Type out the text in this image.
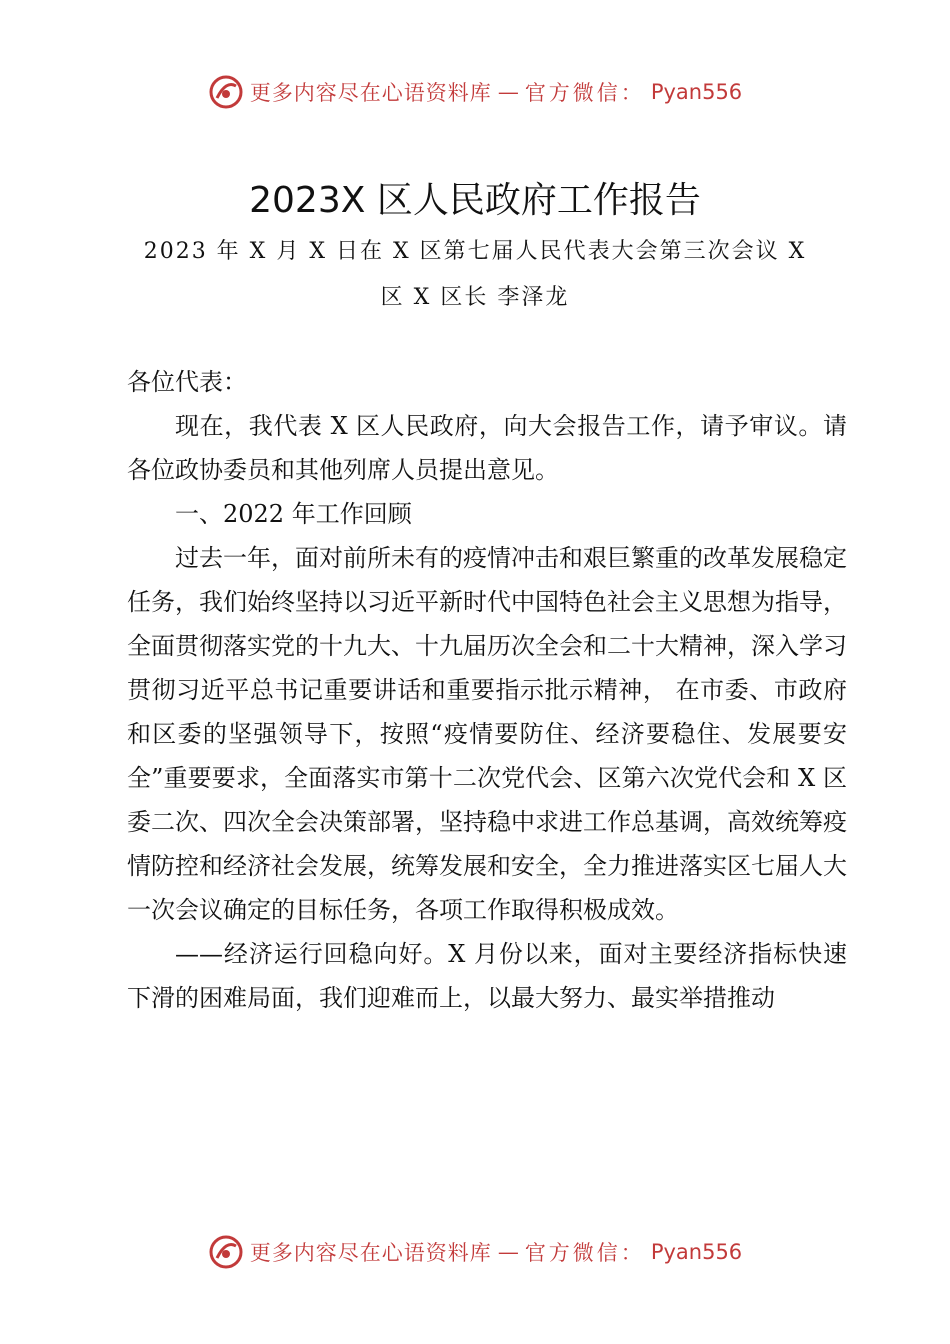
更多内容尽在心语资料库 — 官方微信： Pyan556
2023X 区人民政府工作报告
2023 年 X 月 X 日在 X 区第七届人民代表大会第三次会议 X
区 X 区长 李泽龙

各位代表：

现在，我代表 X 区人民政府，向大会报告工作，请予审议。请各位政协委员和其他列席人员提出意见。

一、2022 年工作回顾

过去一年，面对前所未有的疫情冲击和艰巨繁重的改革发展稳定任务，我们始终坚持以习近平新时代中国特色社会主义思想为指导，全面贯彻落实党的十九大、十九届历次全会和二十大精神，深入学习贯彻习近平总书记重要讲话和重要指示批示精神， 在市委、市政府和区委的坚强领导下，按照“疫情要防住、经济要稳住、发展要安全”重要要求，全面落实市第十二次党代会、区第六次党代会和 X 区委二次、四次全会决策部署，坚持稳中求进工作总基调，高效统筹疫情防控和经济社会发展，统筹发展和安全，全力推进落实区七届人大一次会议确定的目标任务，各项工作取得积极成效。

——经济运行回稳向好。X 月份以来，面对主要经济指标快速下滑的困难局面，我们迎难而上，以最大努力、最实举措推动

更多内容尽在心语资料库 — 官方微信： Pyan556
